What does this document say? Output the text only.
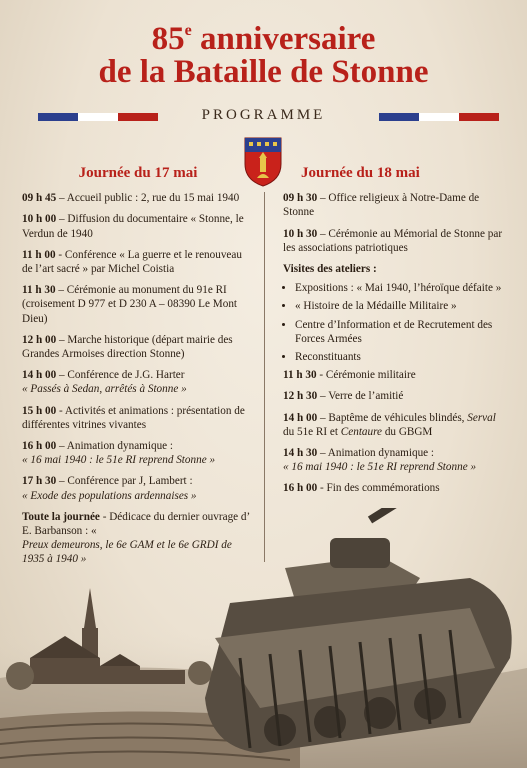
85e anniversaire
de la Bataille de Stonne
PROGRAMME
Journée du 17 mai
09 h 45 – Accueil public : 2, rue du 15 mai 1940
10 h 00 – Diffusion du documentaire « Stonne, le Verdun de 1940
11 h 00 - Conférence « La guerre et le renouveau de l’art sacré » par Michel Coistia
11 h 30 – Cérémonie au monument du 91e RI (croisement D 977 et D 230 A – 08390 Le Mont Dieu)
12 h 00 – Marche historique (départ mairie des Grandes Armoises direction Stonne)
14 h 00 – Conférence de J.G. Harter
« Passés à Sedan, arrêtés à Stonne »
15 h 00 - Activités et animations : présentation de différentes vitrines vivantes
16 h 00 – Animation dynamique :
« 16 mai 1940 : le 51e RI reprend Stonne »
17 h 30 – Conférence par J, Lambert :
« Exode des populations ardennaises »
Toute la journée - Dédicace du dernier ouvrage d’ E. Barbanson : «
Preux demeurons, le 6e GAM et le 6e GRDI de 1935 à 1940 »
Journée du 18 mai
09 h 30 – Office religieux à Notre-Dame de Stonne
10 h 30 – Cérémonie au Mémorial de Stonne par les associations patriotiques
Visites des ateliers :
• Expositions : « Mai 1940, l’héroïque défaite »
• « Histoire de la Médaille Militaire »
• Centre d’Information et de Recrutement des Forces Armées
• Reconstituants
11 h 30 - Cérémonie militaire
12 h 30 – Verre de l’amitié
14 h 00 – Baptême de véhicules blindés, Serval du 51e RI et Centaure du GBGM
14 h 30 – Animation dynamique :
« 16 mai 1940 : le 51e RI reprend Stonne »
16 h 00 - Fin des commémorations
